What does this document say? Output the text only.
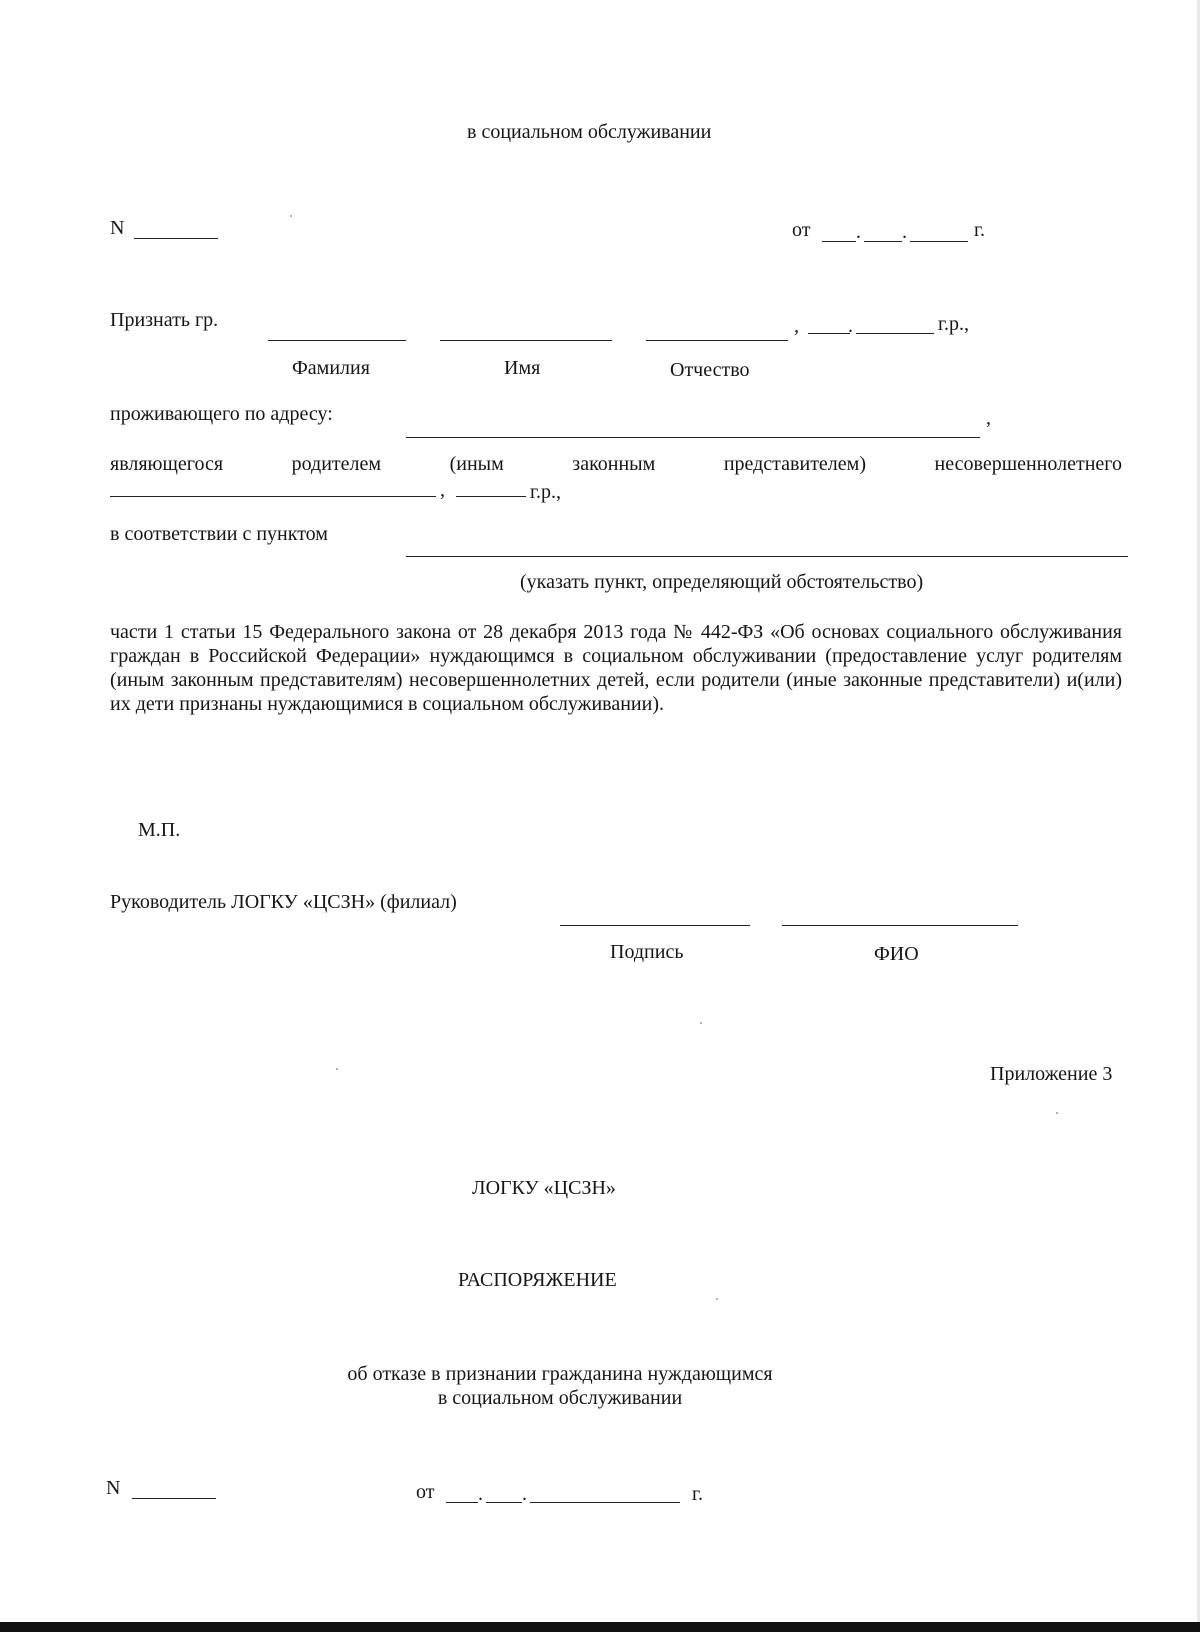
в социальном обслуживании
N	от . .	г.
Признать гр.	, .	г.р.,
Фамилия	Имя	Отчество
проживающего по адресу:	,
являющегося родителем (иным законным представителем) несовершеннолетнего
,	г.р.,
в соответствии с пунктом
(указать пункт, определяющий обстоятельство)
части 1 статьи 15 Федерального закона от 28 декабря 2013 года № 442-ФЗ «Об основах социального обслуживания граждан в Российской Федерации» нуждающимся в социальном обслуживании (предоставление услуг родителям (иным законным представителям) несовершеннолетних детей, если родители (иные законные представители) и(или) их дети признаны нуждающимися в социальном обслуживании).
М.П.
Руководитель ЛОГКУ «ЦСЗН» (филиал)
Подпись	ФИО
Приложение 3
ЛОГКУ «ЦСЗН»
РАСПОРЯЖЕНИЕ
об отказе в признании гражданина нуждающимся
в социальном обслуживании
N	от . .	г.
